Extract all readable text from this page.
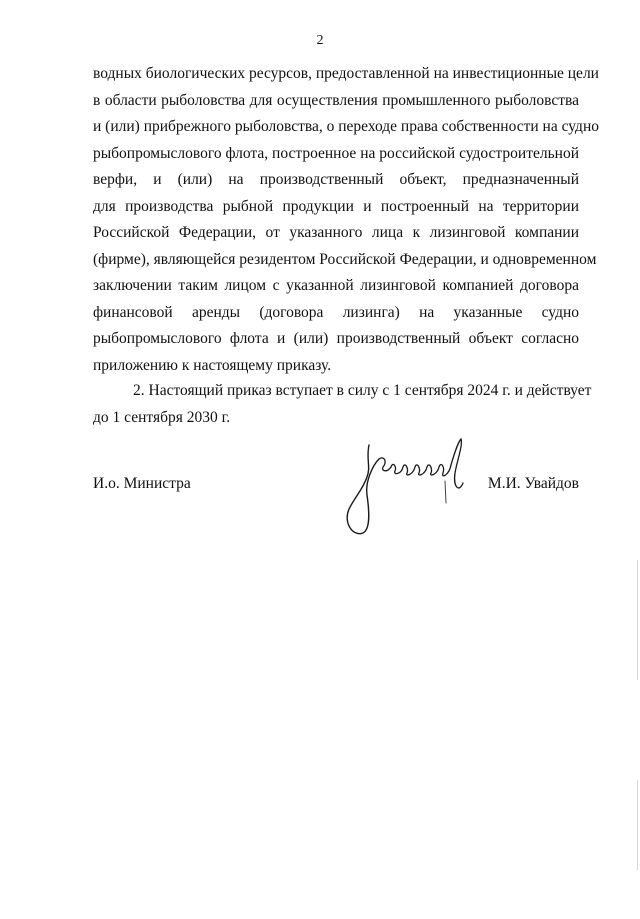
2
водных биологических ресурсов, предоставленной на инвестиционные цели
в области рыболовства для осуществления промышленного рыболовства
и (или) прибрежного рыболовства, о переходе права собственности на судно
рыбопромыслового флота, построенное на российской судостроительной
верфи, и (или) на производственный объект, предназначенный
для производства рыбной продукции и построенный на территории
Российской Федерации, от указанного лица к лизинговой компании
(фирме), являющейся резидентом Российской Федерации, и одновременном
заключении таким лицом с указанной лизинговой компанией договора
финансовой аренды (договора лизинга) на указанные судно
рыбопромыслового флота и (или) производственный объект согласно
приложению к настоящему приказу.
2. Настоящий приказ вступает в силу с 1 сентября 2024 г. и действует
до 1 сентября 2030 г.
И.о. Министра	М.И. Увайдов
